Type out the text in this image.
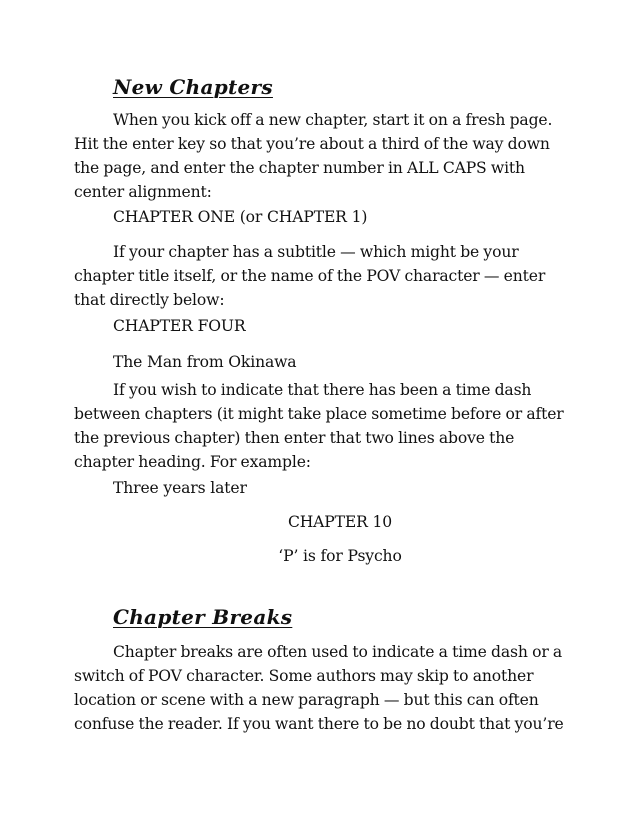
New Chapters

When you kick off a new chapter, start it on a fresh page. Hit the enter key so that you’re about a third of the way down the page, and enter the chapter number in ALL CAPS with center alignment:

CHAPTER ONE (or CHAPTER 1)

If your chapter has a subtitle — which might be your chapter title itself, or the name of the POV character — enter that directly below:

CHAPTER FOUR

The Man from Okinawa

If you wish to indicate that there has been a time dash between chapters (it might take place sometime before or after the previous chapter) then enter that two lines above the chapter heading. For example:

Three years later

CHAPTER 10

‘P’ is for Psycho

Chapter Breaks

Chapter breaks are often used to indicate a time dash or a switch of POV character. Some authors may skip to another location or scene with a new paragraph — but this can often confuse the reader. If you want there to be no doubt that you’re
